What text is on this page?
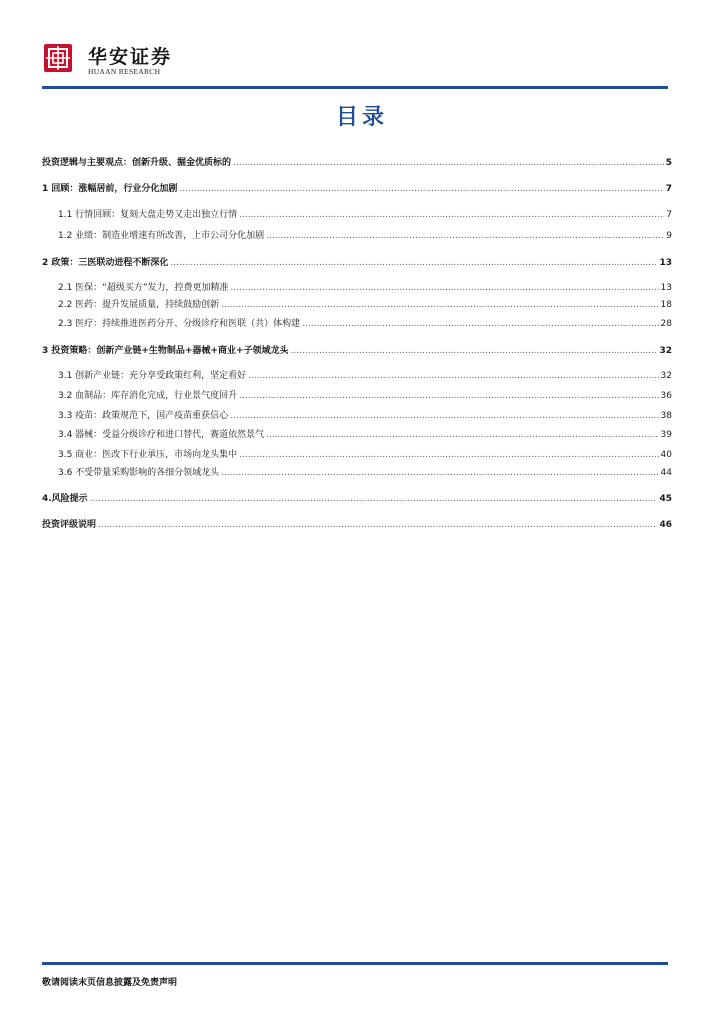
华安证券
HUAAN RESEARCH
目录
投资逻辑与主要观点：创新升级、掘金优质标的 .....	5
1 回顾：涨幅居前，行业分化加剧 .....	7
1.1 行情回顾：复刻大盘走势又走出独立行情 .....	7
1.2 业绩：制造业增速有所改善，上市公司分化加剧 .....	9
2 政策：三医联动进程不断深化 .....	13
2.1 医保：“超级买方”发力，控费更加精准 .....	13
2.2 医药：提升发展质量，持续鼓励创新 .....	18
2.3 医疗：持续推进医药分开、分级诊疗和医联（共）体构建 .....	28
3 投资策略：创新产业链+生物制品+器械+商业+子领域龙头 .....	32
3.1 创新产业链：充分享受政策红利，坚定看好 .....	32
3.2 血制品：库存消化完成，行业景气度回升 .....	36
3.3 疫苗：政策规范下，国产疫苗重获信心 .....	38
3.4 器械：受益分级诊疗和进口替代，赛道依然景气 .....	39
3.5 商业：医改下行业承压，市场向龙头集中 .....	40
3.6 不受带量采购影响的各细分领域龙头 .....	44
4.风险提示 .....	45
投资评级说明 .....	46
敬请阅读末页信息披露及免责声明
